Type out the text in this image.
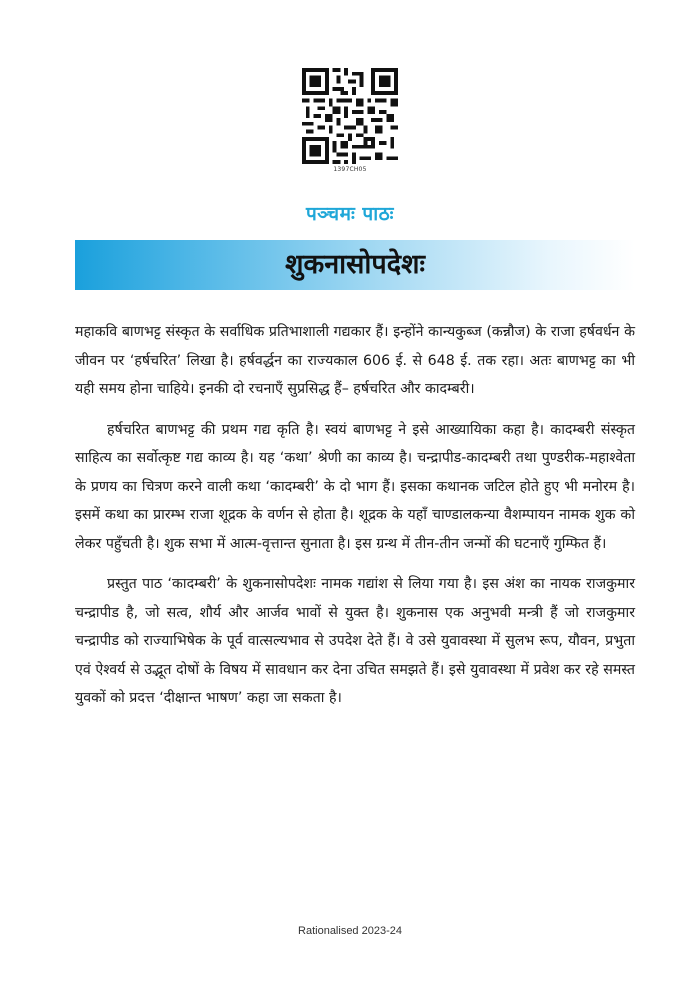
1397CH05
पञ्चमः पाठः
शुकनासोपदेशः

महाकवि बाणभट्ट संस्कृत के सर्वाधिक प्रतिभाशाली गद्यकार हैं। इन्होंने कान्यकुब्ज (कन्नौज) के राजा हर्षवर्धन के जीवन पर ‘हर्षचरित’ लिखा है। हर्षवर्द्धन का राज्यकाल 606 ई. से 648 ई. तक रहा। अतः बाणभट्ट का भी यही समय होना चाहिये। इनकी दो रचनाएँ सुप्रसिद्ध हैं– हर्षचरित और कादम्बरी।

हर्षचरित बाणभट्ट की प्रथम गद्य कृति है। स्वयं बाणभट्ट ने इसे आख्यायिका कहा है। कादम्बरी संस्कृत साहित्य का सर्वोत्कृष्ट गद्य काव्य है। यह ‘कथा’ श्रेणी का काव्य है। चन्द्रापीड-कादम्बरी तथा पुण्डरीक-महाश्वेता के प्रणय का चित्रण करने वाली कथा ‘कादम्बरी’ के दो भाग हैं। इसका कथानक जटिल होते हुए भी मनोरम है। इसमें कथा का प्रारम्भ राजा शूद्रक के वर्णन से होता है। शूद्रक के यहाँ चाण्डालकन्या वैशम्पायन नामक शुक को लेकर पहुँचती है। शुक सभा में आत्म-वृत्तान्त सुनाता है। इस ग्रन्थ में तीन-तीन जन्मों की घटनाएँ गुम्फित हैं।

प्रस्तुत पाठ ‘कादम्बरी’ के शुकनासोपदेशः नामक गद्यांश से लिया गया है। इस अंश का नायक राजकुमार चन्द्रापीड है, जो सत्व, शौर्य और आर्जव भावों से युक्त है। शुकनास एक अनुभवी मन्त्री हैं जो राजकुमार चन्द्रापीड को राज्याभिषेक के पूर्व वात्सल्यभाव से उपदेश देते हैं। वे उसे युवावस्था में सुलभ रूप, यौवन, प्रभुता एवं ऐश्वर्य से उद्भूत दोषों के विषय में सावधान कर देना उचित समझते हैं। इसे युवावस्था में प्रवेश कर रहे समस्त युवकों को प्रदत्त ‘दीक्षान्त भाषण’ कहा जा सकता है।

Rationalised 2023-24
